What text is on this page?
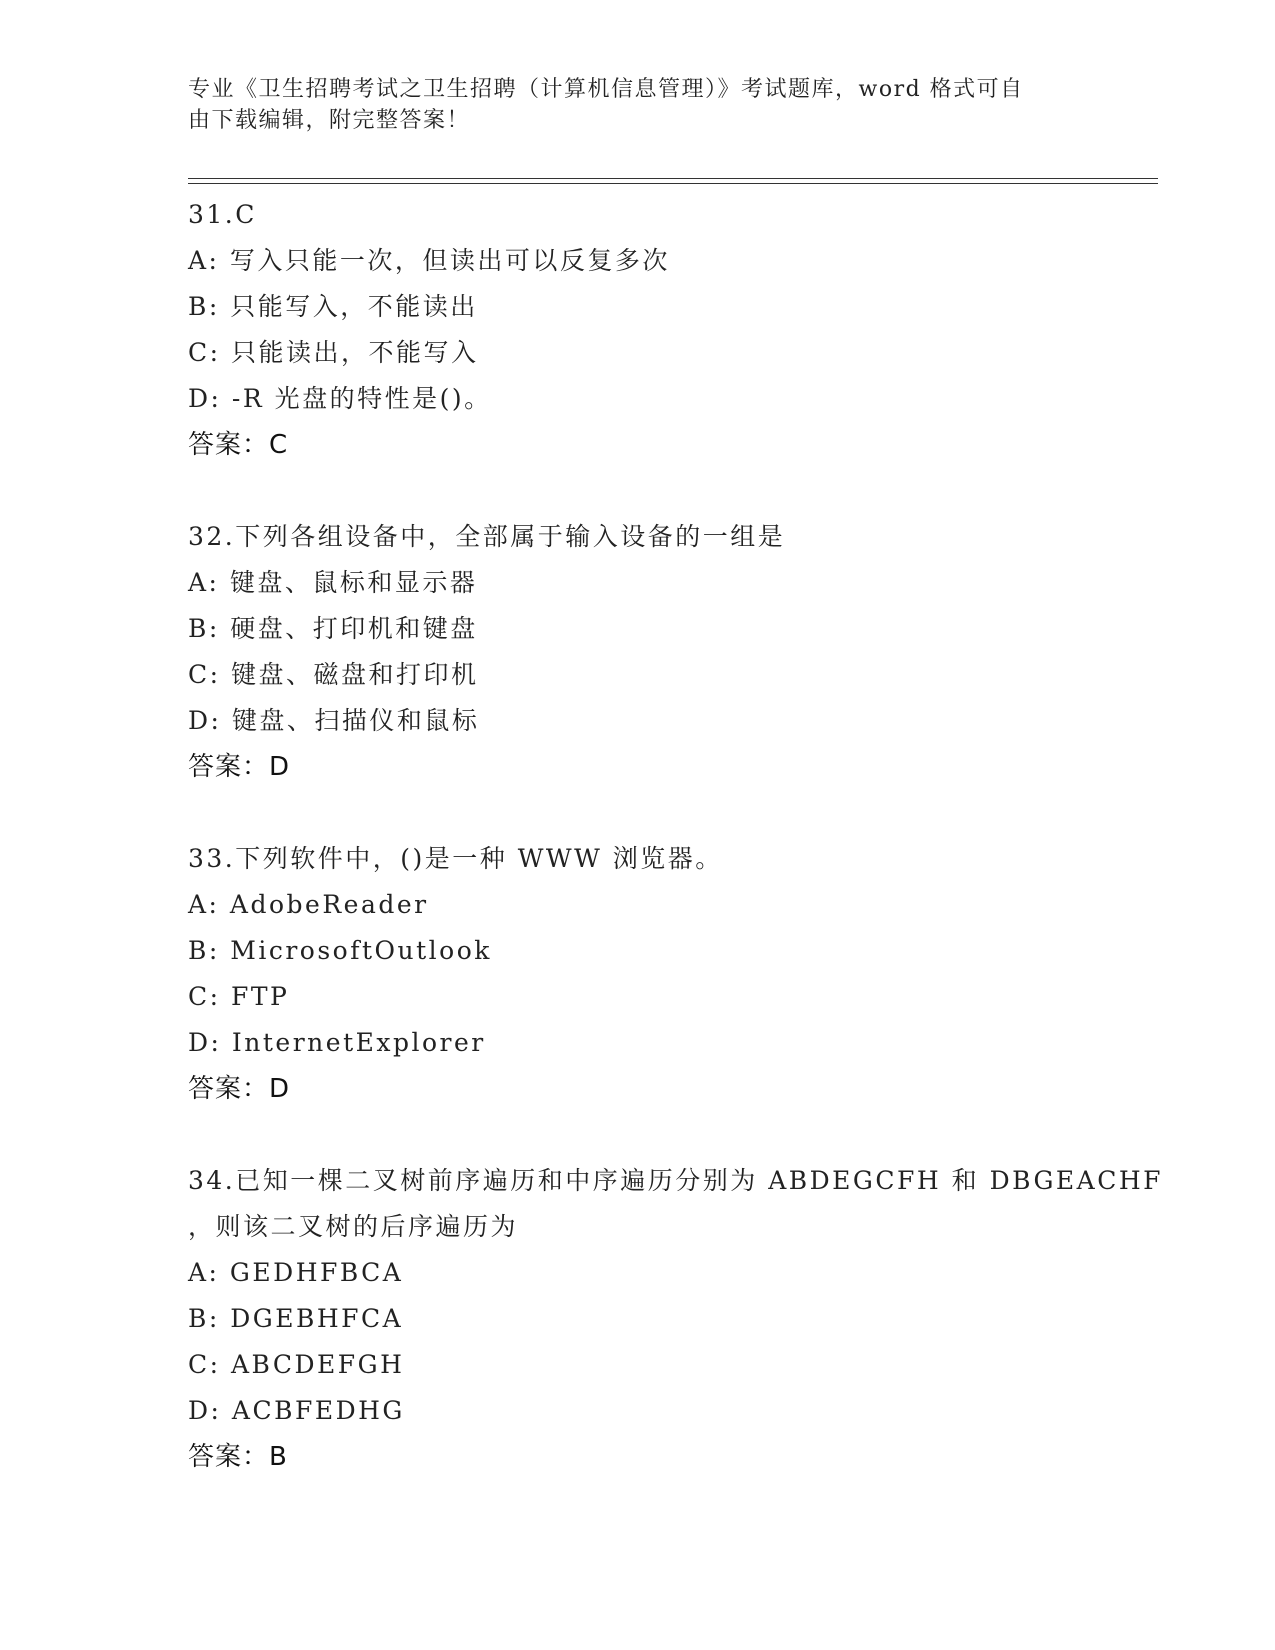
专业《卫生招聘考试之卫生招聘（计算机信息管理）》考试题库，word 格式可自
由下载编辑，附完整答案！
31.C
A: 写入只能一次，但读出可以反复多次
B: 只能写入，不能读出
C: 只能读出，不能写入
D: -R 光盘的特性是()。
答案：C
32.下列各组设备中，全部属于输入设备的一组是
A: 键盘、鼠标和显示器
B: 硬盘、打印机和键盘
C: 键盘、磁盘和打印机
D: 键盘、扫描仪和鼠标
答案：D
33.下列软件中，()是一种 WWW 浏览器。
A: AdobeReader
B: MicrosoftOutlook
C: FTP
D: InternetExplorer
答案：D
34.已知一棵二叉树前序遍历和中序遍历分别为 ABDEGCFH 和 DBGEACHF
，则该二叉树的后序遍历为
A: GEDHFBCA
B: DGEBHFCA
C: ABCDEFGH
D: ACBFEDHG
答案：B
